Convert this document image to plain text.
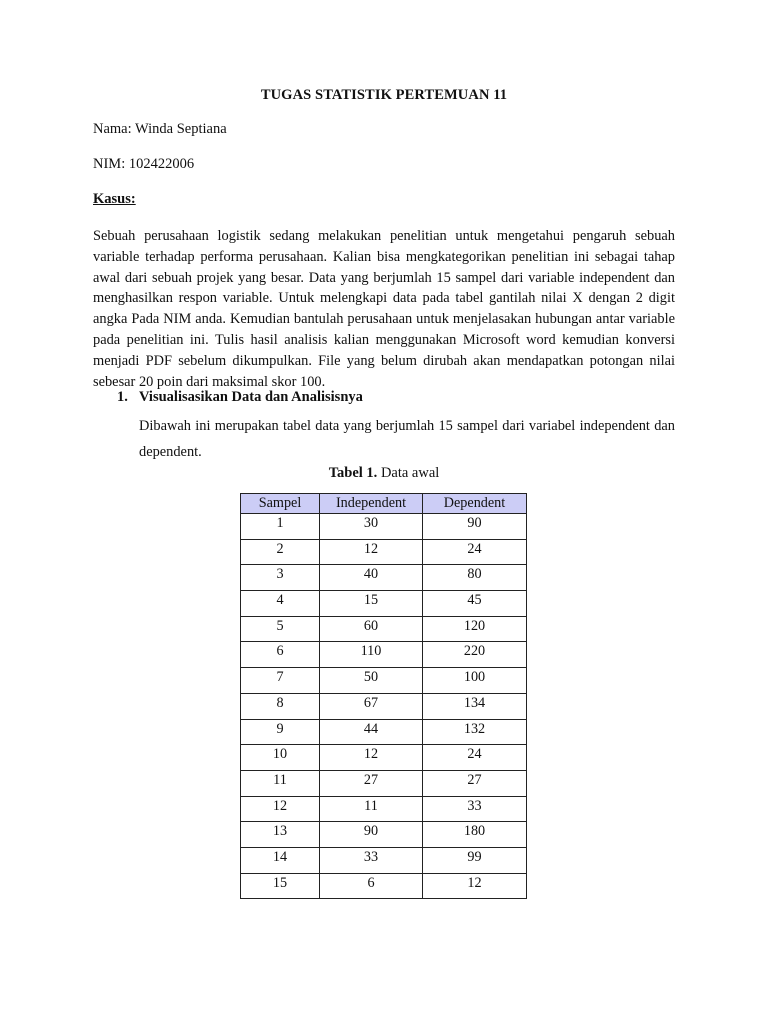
TUGAS STATISTIK PERTEMUAN 11
Nama: Winda Septiana
NIM: 102422006
Kasus:

Sebuah perusahaan logistik sedang melakukan penelitian untuk mengetahui pengaruh sebuah variable terhadap performa perusahaan. Kalian bisa mengkategorikan penelitian ini sebagai tahap awal dari sebuah projek yang besar. Data yang berjumlah 15 sampel dari variable independent dan menghasilkan respon variable. Untuk melengkapi data pada tabel gantilah nilai X dengan 2 digit angka Pada NIM anda. Kemudian bantulah perusahaan untuk menjelasakan hubungan antar variable pada penelitian ini. Tulis hasil analisis kalian menggunakan Microsoft word kemudian konversi menjadi PDF sebelum dikumpulkan. File yang belum dirubah akan mendapatkan potongan nilai sebesar 20 poin dari maksimal skor 100.

1. Visualisasikan Data dan Analisisnya

Dibawah ini merupakan tabel data yang berjumlah 15 sampel dari variabel independent dan dependent.

Tabel 1. Data awal
Sampel	Independent	Dependent
1	30	90
2	12	24
3	40	80
4	15	45
5	60	120
6	110	220
7	50	100
8	67	134
9	44	132
10	12	24
11	27	27
12	11	33
13	90	180
14	33	99
15	6	12
